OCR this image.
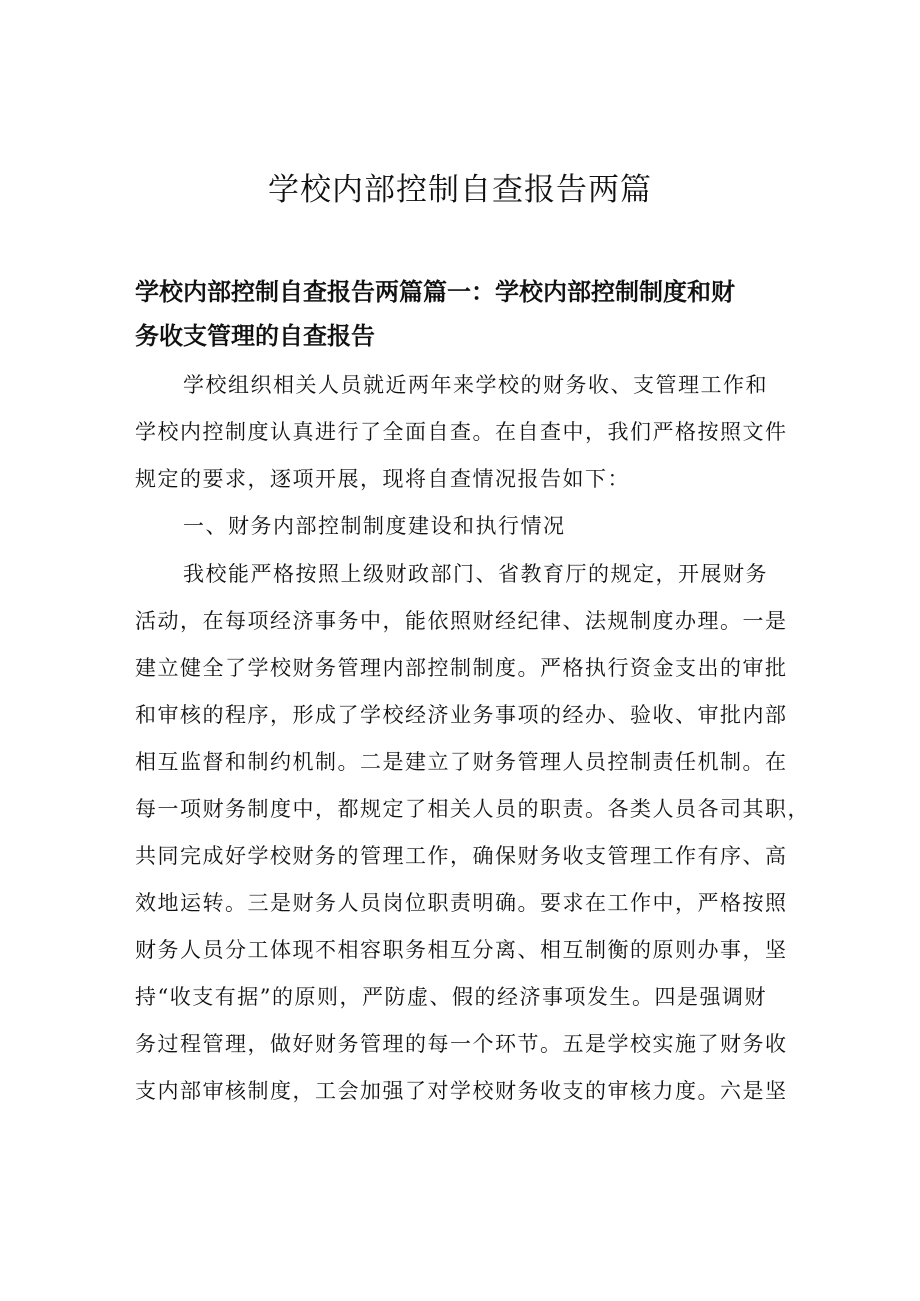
学校内部控制自查报告两篇
学校内部控制自查报告两篇篇一：学校内部控制制度和财
务收支管理的自查报告
学校组织相关人员就近两年来学校的财务收、支管理工作和
学校内控制度认真进行了全面自查。在自查中，我们严格按照文件
规定的要求，逐项开展，现将自查情况报告如下：
一、财务内部控制制度建设和执行情况
我校能严格按照上级财政部门、省教育厅的规定，开展财务
活动，在每项经济事务中，能依照财经纪律、法规制度办理。一是
建立健全了学校财务管理内部控制制度。严格执行资金支出的审批
和审核的程序，形成了学校经济业务事项的经办、验收、审批内部
相互监督和制约机制。二是建立了财务管理人员控制责任机制。在
每一项财务制度中，都规定了相关人员的职责。各类人员各司其职，
共同完成好学校财务的管理工作，确保财务收支管理工作有序、高
效地运转。三是财务人员岗位职责明确。要求在工作中，严格按照
财务人员分工体现不相容职务相互分离、相互制衡的原则办事，坚
持“收支有据”的原则，严防虚、假的经济事项发生。四是强调财
务过程管理，做好财务管理的每一个环节。五是学校实施了财务收
支内部审核制度，工会加强了对学校财务收支的审核力度。六是坚
